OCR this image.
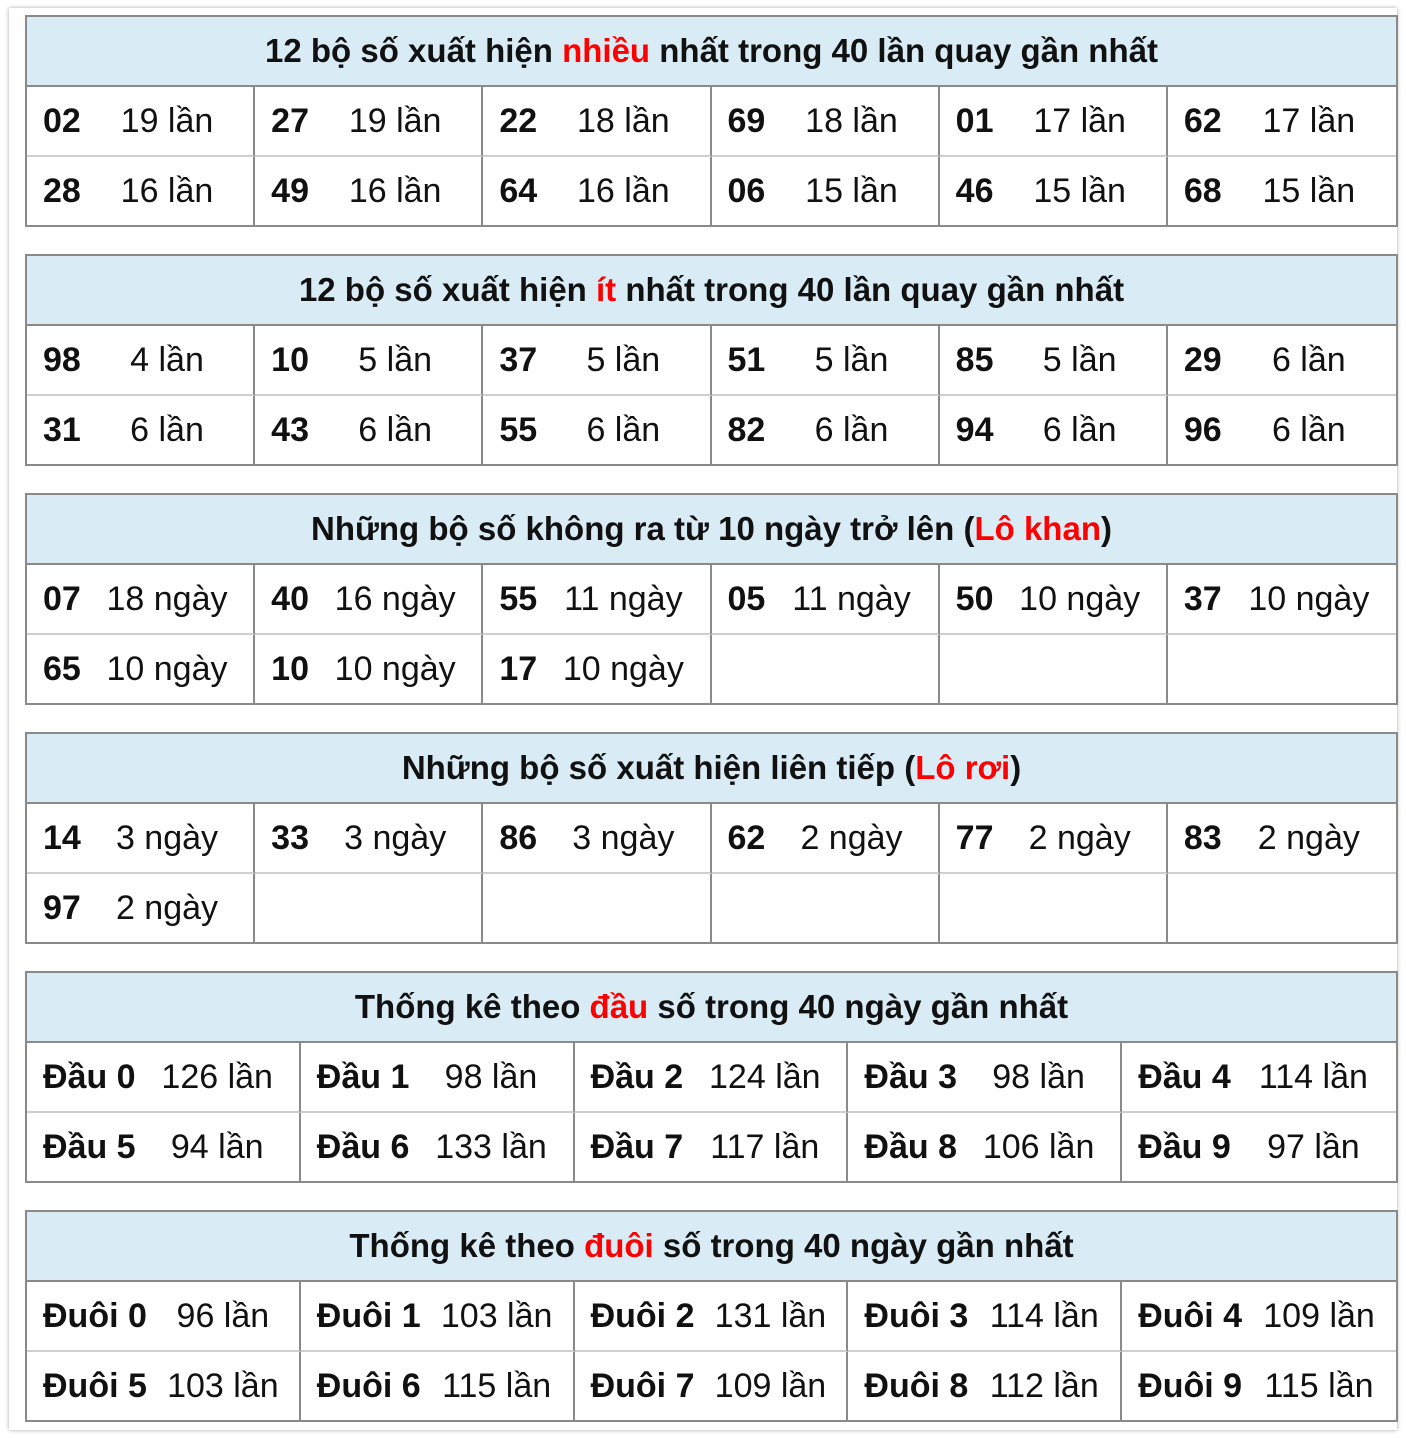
12 bộ số xuất hiện nhiều nhất trong 40 lần quay gần nhất
02	19 lần	27	19 lần	22	18 lần	69	18 lần	01	17 lần	62	17 lần
28	16 lần	49	16 lần	64	16 lần	06	15 lần	46	15 lần	68	15 lần
12 bộ số xuất hiện ít nhất trong 40 lần quay gần nhất
98	4 lần	10	5 lần	37	5 lần	51	5 lần	85	5 lần	29	6 lần
31	6 lần	43	6 lần	55	6 lần	82	6 lần	94	6 lần	96	6 lần
Những bộ số không ra từ 10 ngày trở lên ( Lô khan )
07 18 ngày	40 16 ngày	55 11 ngày	05 11 ngày	50 10 ngày	37 10 ngày
65 10 ngày	10 10 ngày	17 10 ngày
Những bộ số xuất hiện liên tiếp ( Lô rơi )
14	3 ngày	33	3 ngày	86	3 ngày	62	2 ngày	77	2 ngày	83	2 ngày
97	2 ngày
Thống kê theo đầu số trong 40 ngày gần nhất
Đầu 0 126 lần	Đầu 1	98 lần	Đầu 2 124 lần	Đầu 3	98 lần	Đầu 4 114 lần
Đầu 5	94 lần	Đầu 6 133 lần	Đầu 7 117 lần	Đầu 8 106 lần	Đầu 9	97 lần
Thống kê theo đuôi số trong 40 ngày gần nhất
Đuôi 0 96 lần	Đuôi 1 103 lần	Đuôi 2 131 lần	Đuôi 3 114 lần	Đuôi 4 109 lần
Đuôi 5 103 lần	Đuôi 6 115 lần	Đuôi 7 109 lần	Đuôi 8 112 lần	Đuôi 9 115 lần
